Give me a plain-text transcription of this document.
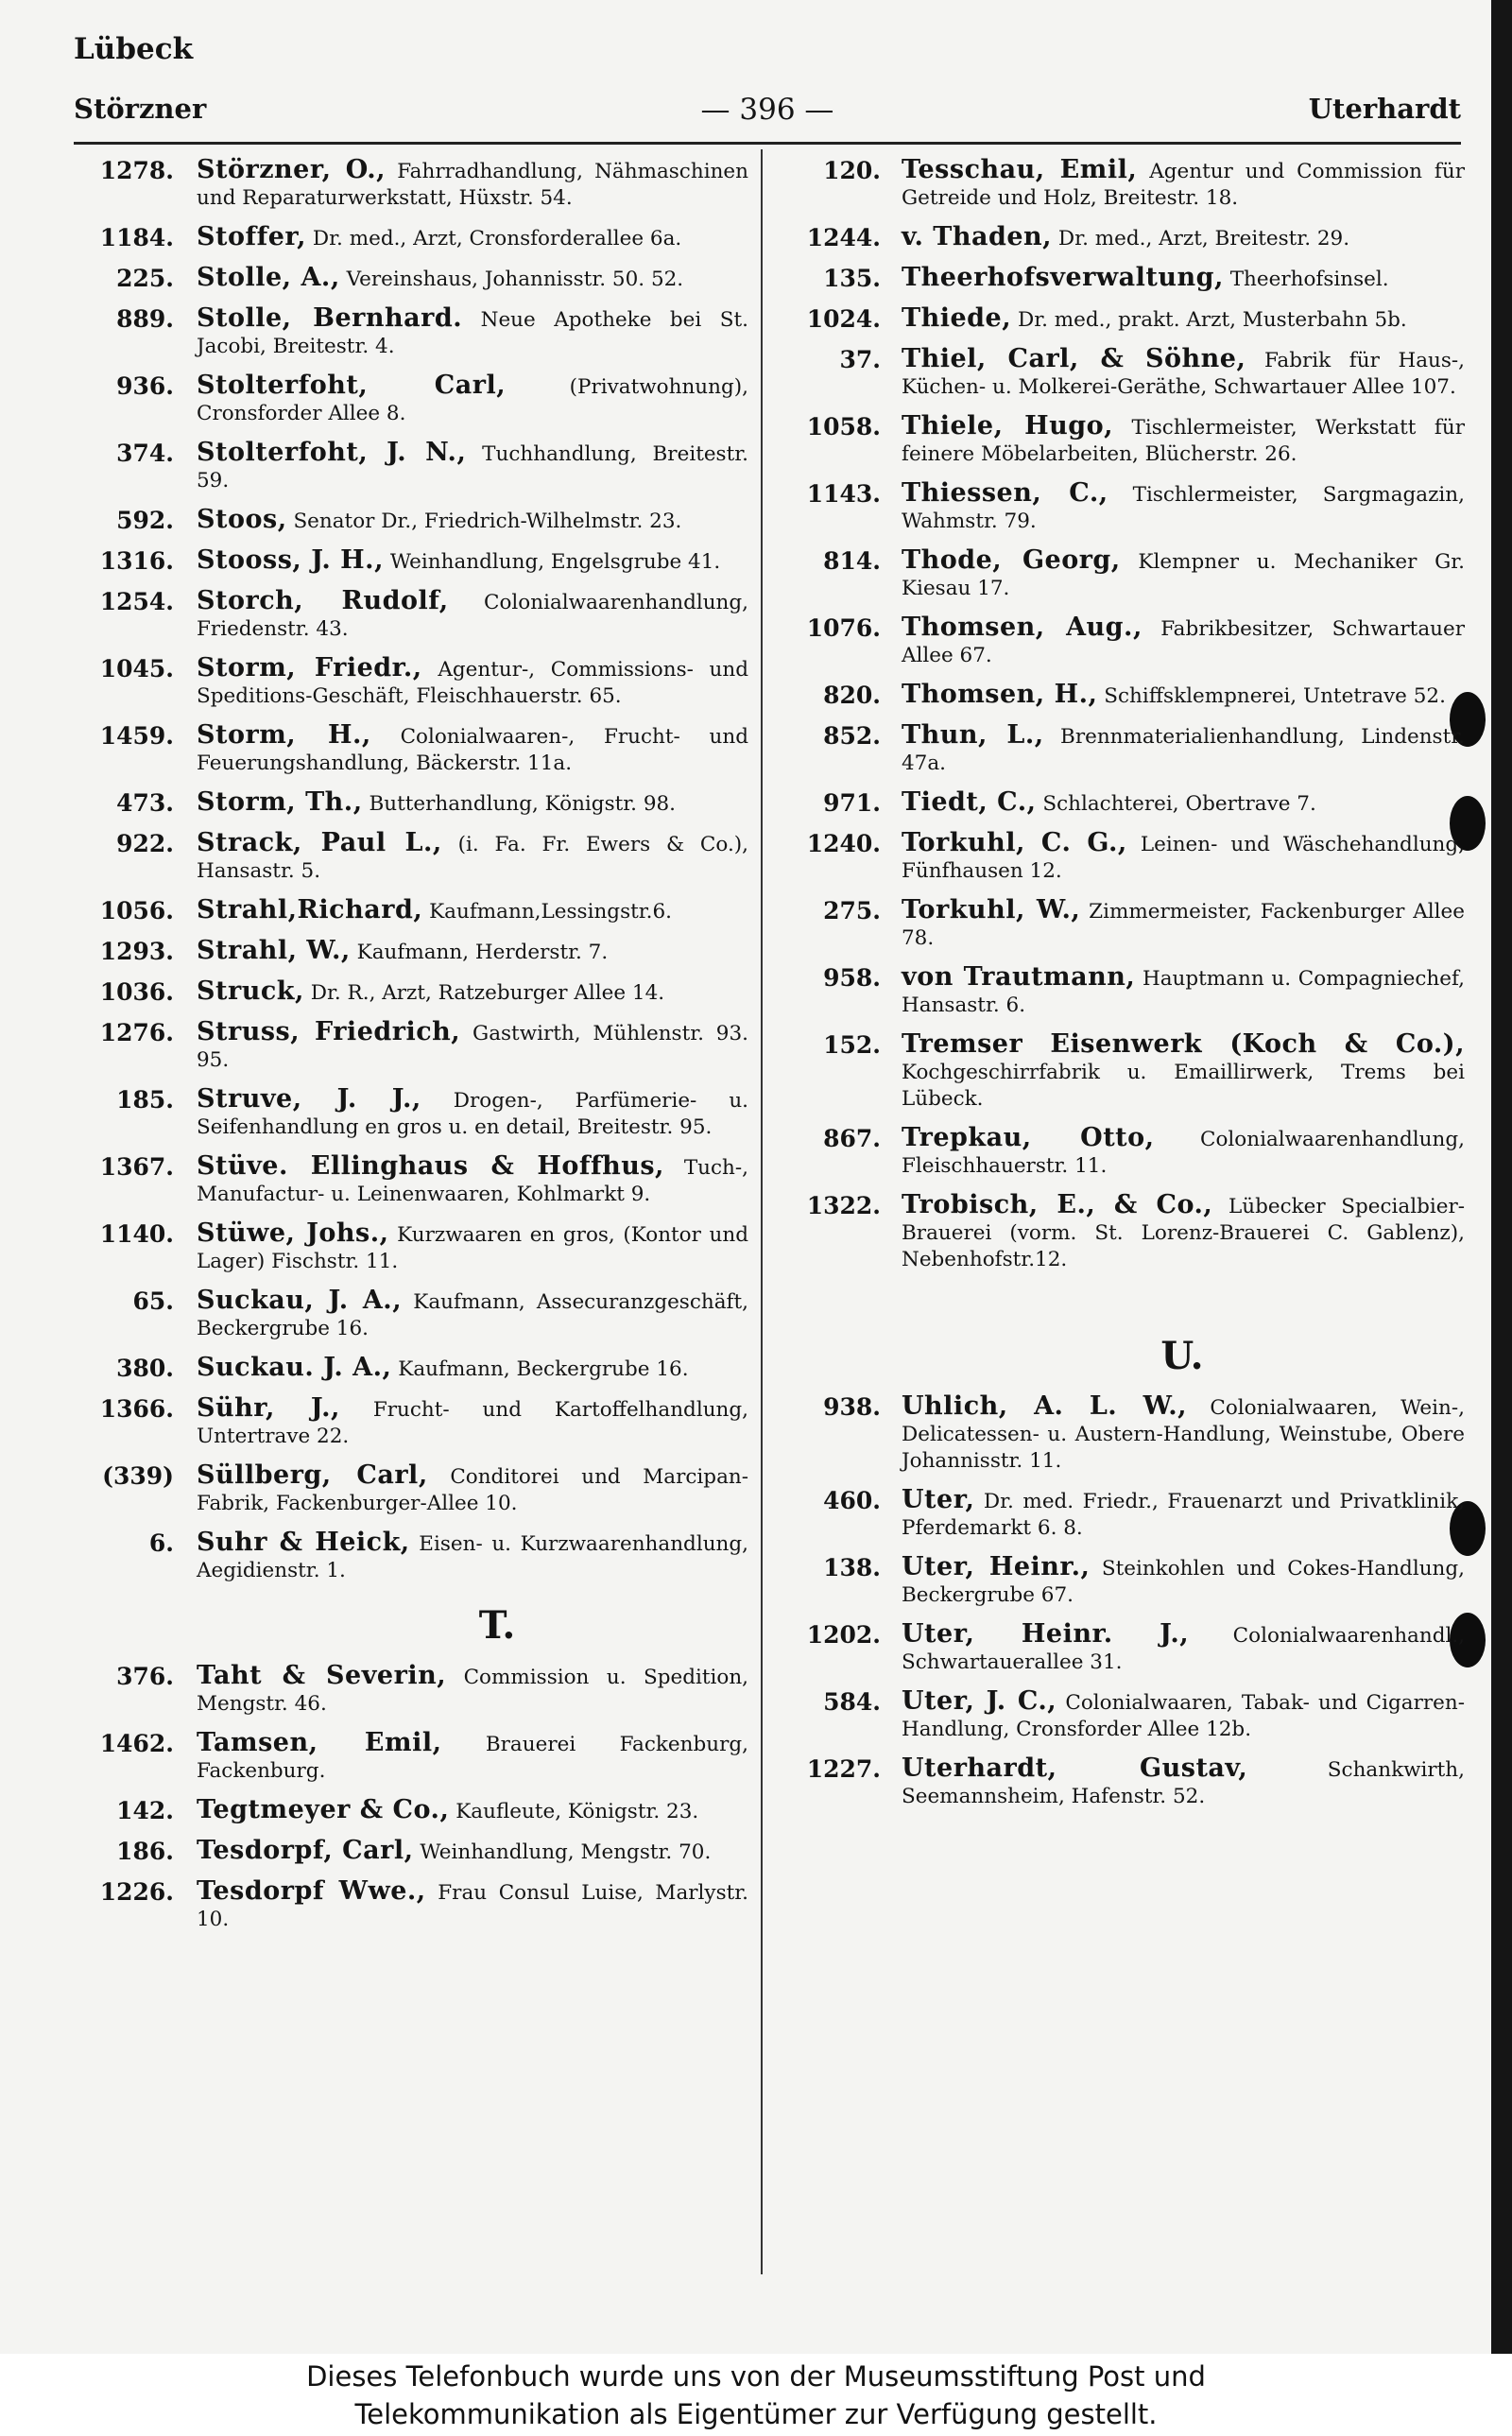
Lübeck
Störzner	— 396 —	Uterhardt
1278. Störzner, O., Fahrradhandlung, Nähmaschinen und Reparaturwerkstatt, Hüxstr. 54.
1184. Stoffer, Dr. med., Arzt, Cronsforderallee 6a.
225. Stolle, A., Vereinshaus, Johannisstr. 50. 52.
889. Stolle, Bernhard. Neue Apotheke bei St. Jacobi, Breitestr. 4.
936. Stolterfoht, Carl,	(Privatwohnung), Cronsforder Allee 8.
374. Stolterfoht, J. N., Tuchhandlung, Breitestr. 59.
592. Stoos, Senator Dr., Friedrich-Wilhelmstr. 23.
1316. Stooss, J. H., Weinhandlung, Engelsgrube 41.
1254. Storch, Rudolf, Colonialwaarenhandlung, Friedenstr. 43.
1045. Storm, Friedr., Agentur-, Commissions- und Speditions-Geschäft, Fleischhauerstr. 65.
1459. Storm, H., Colonialwaaren-, Frucht- und Feuerungshandlung, Bäckerstr. 11a.
473. Storm, Th., Butterhandlung, Königstr. 98.
922. Strack, Paul L., (i. Fa. Fr. Ewers & Co.), Hansastr. 5.
1056. Strahl,Richard, Kaufmann,Lessingstr.6.
1293. Strahl, W., Kaufmann, Herderstr. 7.
1036. Struck, Dr. R., Arzt, Ratzeburger Allee 14.
1276. Struss, Friedrich, Gastwirth, Mühlenstr. 93. 95.
185. Struve, J. J., Drogen-, Parfümerie- u. Seifenhandlung en gros u. en detail, Breitestr. 95.
1367. Stüve. Ellinghaus & Hoffhus, Tuch-, Manufactur- u. Leinenwaaren, Kohlmarkt 9.
1140. Stüwe, Johs., Kurzwaaren en gros, (Kontor und Lager) Fischstr. 11.
65. Suckau, J. A., Kaufmann, Assecuranzgeschäft, Beckergrube 16.
380. Suckau. J. A., Kaufmann, Beckergrube 16.
1366. Sühr, J., Frucht- und Kartoffelhandlung, Untertrave 22.
(339) Süllberg, Carl, Conditorei und Marcipan-Fabrik, Fackenburger-Allee 10.
6. Suhr & Heick, Eisen- u. Kurzwaarenhandlung, Aegidienstr. 1.
T.
376. Taht & Severin, Commission u. Spedition, Mengstr. 46.
1462. Tamsen, Emil, Brauerei Fackenburg, Fackenburg.
142. Tegtmeyer & Co., Kaufleute, Königstr. 23.
186. Tesdorpf, Carl, Weinhandlung, Mengstr. 70.
1226. Tesdorpf Wwe., Frau Consul Luise, Marlystr. 10.
120. Tesschau, Emil, Agentur und Commission für Getreide und Holz, Breitestr. 18.
1244. v. Thaden, Dr. med., Arzt, Breitestr. 29.
135. Theerhofsverwaltung, Theerhofsinsel.
1024. Thiede, Dr. med., prakt. Arzt, Musterbahn 5b.
37. Thiel, Carl, & Söhne, Fabrik für Haus-, Küchen- u. Molkerei-Geräthe, Schwartauer Allee 107.
1058. Thiele, Hugo, Tischlermeister, Werkstatt für feinere Möbelarbeiten, Blücherstr. 26.
1143. Thiessen, C., Tischlermeister, Sargmagazin, Wahmstr. 79.
814. Thode, Georg, Klempner u. Mechaniker Gr. Kiesau 17.
1076. Thomsen, Aug., Fabrikbesitzer, Schwartauer Allee 67.
820. Thomsen, H., Schiffsklempnerei, Untetrave 52.
852. Thun, L., Brennmaterialienhandlung, Lindenstr. 47a.
971. Tiedt, C., Schlachterei, Obertrave 7.
1240. Torkuhl, C. G., Leinen- und Wäschehandlung, Fünfhausen 12.
275. Torkuhl, W., Zimmermeister, Fackenburger Allee 78.
958. von Trautmann, Hauptmann u. Compagniechef, Hansastr. 6.
152. Tremser Eisenwerk (Koch & Co.), Kochgeschirrfabrik u. Emaillirwerk, Trems bei Lübeck.
867. Trepkau, Otto, Colonialwaarenhandlung, Fleischhauerstr. 11.
1322. Trobisch, E., & Co., Lübecker Specialbier-Brauerei (vorm. St. Lorenz-Brauerei C. Gablenz), Nebenhofstr.12.
U.
938. Uhlich, A. L. W., Colonialwaaren, Wein-, Delicatessen- u. Austern-Handlung, Weinstube, Obere Johannisstr. 11.
460. Uter, Dr. med. Friedr., Frauenarzt und Privatklinik, Pferdemarkt 6. 8.
138. Uter, Heinr., Steinkohlen und Cokes-Handlung, Beckergrube 67.
1202. Uter, Heinr. J., Colonialwaarenhandl., Schwartauerallee 31.
584. Uter, J. C., Colonialwaaren, Tabak- und Cigarren-Handlung, Cronsforder Allee 12b.
1227. Uterhardt, Gustav,	Schankwirth, Seemannsheim, Hafenstr. 52.
Dieses Telefonbuch wurde uns von der Museumsstiftung Post und
Telekommunikation als Eigentümer zur Verfügung gestellt.
